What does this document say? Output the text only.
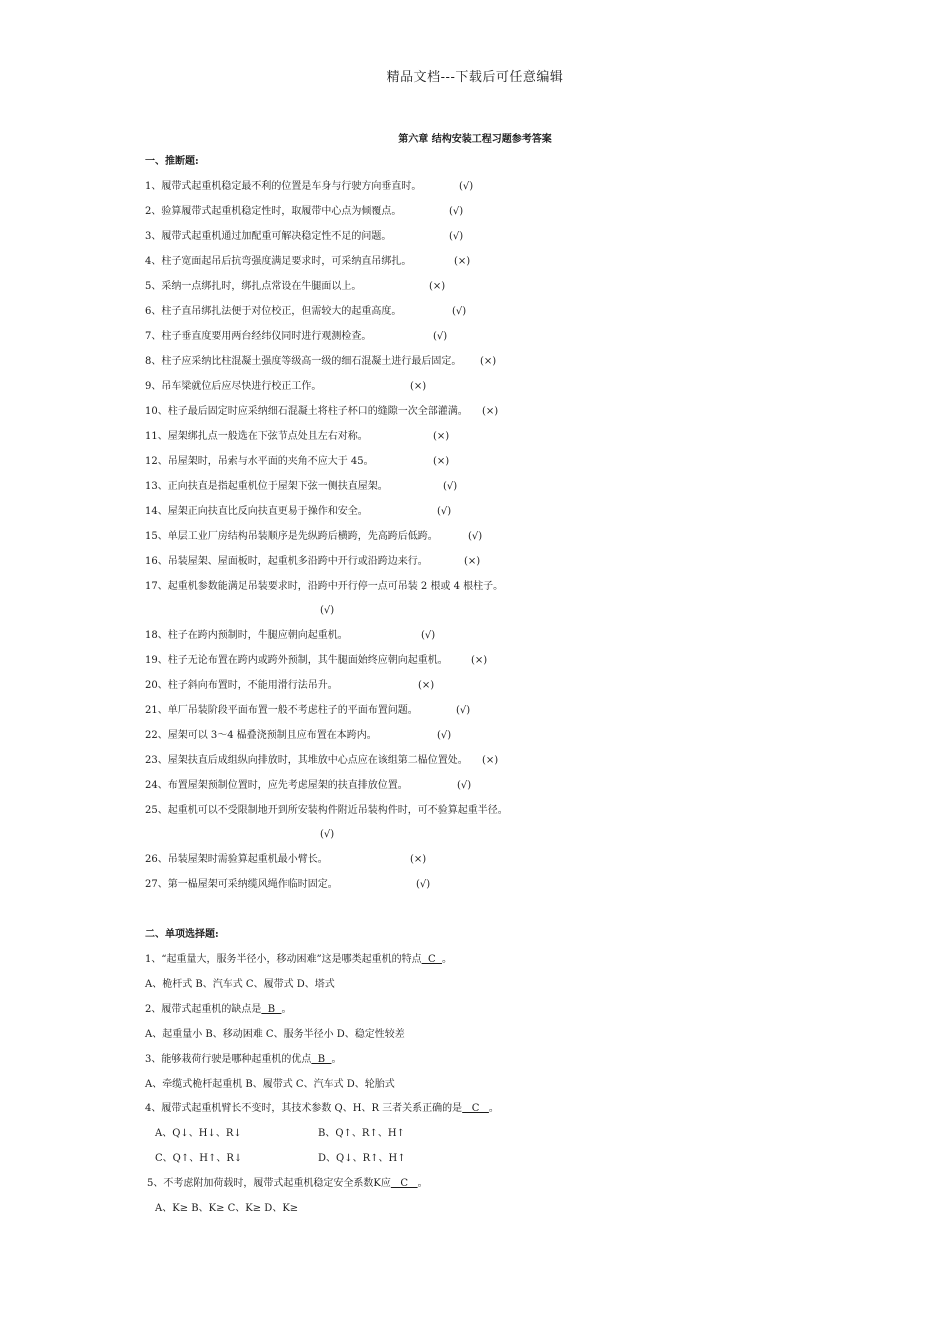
精品文档---下载后可任意编辑
第六章 结构安装工程习题参考答案
一、推断题:
1、履带式起重机稳定最不利的位置是车身与行驶方向垂直时。	(√)
2、验算履带式起重机稳定性时，取履带中心点为倾覆点。	(√)
3、履带式起重机通过加配重可解决稳定性不足的问题。	(√)
4、柱子宽面起吊后抗弯强度满足要求时，可采纳直吊绑扎。	(×)
5、采纳一点绑扎时，绑扎点常设在牛腿面以上。	(×)
6、柱子直吊绑扎法便于对位校正，但需较大的起重高度。	(√)
7、柱子垂直度要用两台经纬仪同时进行观测检查。	(√)
8、柱子应采纳比柱混凝土强度等级高一级的细石混凝土进行最后固定。 (×)
9、吊车梁就位后应尽快进行校正工作。	(×)
10、柱子最后固定时应采纳细石混凝土将柱子杯口的缝隙一次全部灌满。 (×)
11、屋架绑扎点一般选在下弦节点处且左右对称。	(×)
12、吊屋架时，吊索与水平面的夹角不应大于 45。	(×)
13、正向扶直是指起重机位于屋架下弦一侧扶直屋架。	(√)
14、屋架正向扶直比反向扶直更易于操作和安全。	(√)
15、单层工业厂房结构吊装顺序是先纵跨后横跨，先高跨后低跨。	(√)
16、吊装屋架、屋面板时，起重机多沿跨中开行或沿跨边来行。	(×)
17、起重机参数能满足吊装要求时，沿跨中开行停一点可吊装 2 根或 4 根柱子。
(√)
18、柱子在跨内预制时，牛腿应朝向起重机。	(√)
19、柱子无论布置在跨内或跨外预制，其牛腿面始终应朝向起重机。 (×)
20、柱子斜向布置时，不能用滑行法吊升。	(×)
21、单厂吊装阶段平面布置一般不考虑柱子的平面布置问题。	(√)
22、屋架可以 3～4 榀叠浇预制且应布置在本跨内。	(√)
23、屋架扶直后成组纵向排放时，其堆放中心点应在该组第二榀位置处。 (×)
24、布置屋架预制位置时，应先考虑屋架的扶直排放位置。	(√)
25、起重机可以不受限制地开到所安装构件附近吊装构件时，可不验算起重半径。
(√)
26、吊装屋架时需验算起重机最小臂长。	(×)
27、第一榀屋架可采纳缆风绳作临时固定。	(√)
二、单项选择题:
1、“起重量大，服务半径小，移动困难”这是哪类起重机的特点  C  。
A、桅杆式 B、汽车式 C、履带式 D、塔式
2、履带式起重机的缺点是  B  。
A、起重量小 B、移动困难 C、服务半径小 D、稳定性较差
3、能够栽荷行驶是哪种起重机的优点  B  。
A、牵缆式桅杆起重机 B、履带式 C、汽车式 D、轮胎式
4、履带式起重机臂长不变时，其技术参数 Q、H、R 三者关系正确的是   C   。
A、Q↓、H↓、R↓	B、Q↑、R↑、H↑
C、Q↑、H↑、R↓	D、Q↓、R↑、H↑
5、不考虑附加荷载时，履带式起重机稳定安全系数K应   C   。
A、K≥ B、K≥ C、K≥ D、K≥
